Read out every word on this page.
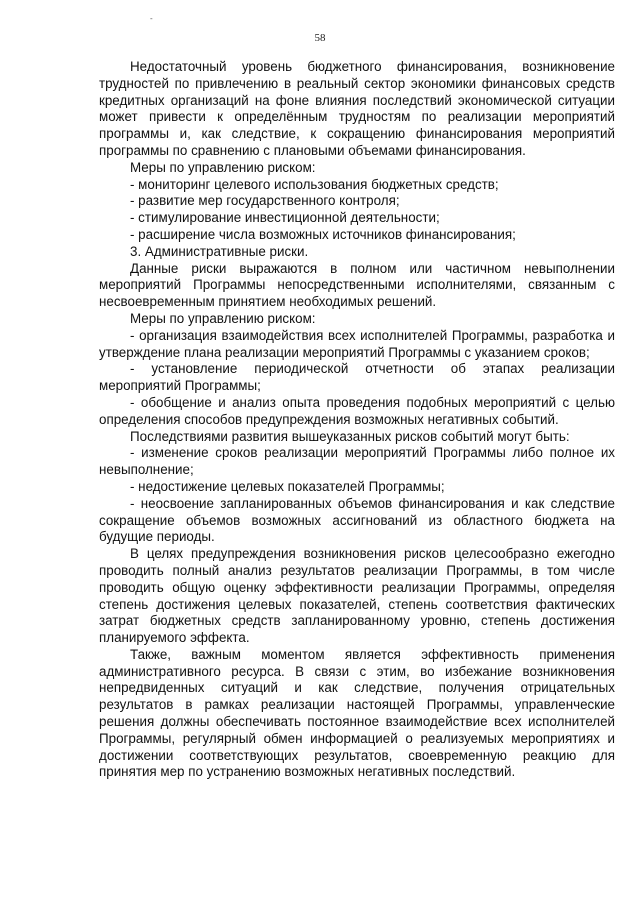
-
58

Недостаточный уровень бюджетного финансирования, возникновение трудностей по привлечению в реальный сектор экономики финансовых средств кредитных организаций на фоне влияния последствий экономической ситуации может привести к определённым трудностям по реализации мероприятий программы и, как следствие, к сокращению финансирования мероприятий программы по сравнению с плановыми объемами финансирования.

Меры по управлению риском:

- мониторинг целевого использования бюджетных средств;

- развитие мер государственного контроля;

- стимулирование инвестиционной деятельности;

- расширение числа возможных источников финансирования;

3. Административные риски.

Данные риски выражаются в полном или частичном невыполнении мероприятий Программы непосредственными исполнителями, связанным с несвоевременным принятием необходимых решений.

Меры по управлению риском:

- организация взаимодействия всех исполнителей Программы, разработка и утверждение плана реализации мероприятий Программы с указанием сроков;

- установление периодической отчетности об этапах реализации мероприятий Программы;

- обобщение и анализ опыта проведения подобных мероприятий с целью определения способов предупреждения возможных негативных событий.

Последствиями развития вышеуказанных рисков событий могут быть:

- изменение сроков реализации мероприятий Программы либо полное их невыполнение;

- недостижение целевых показателей Программы;

- неосвоение запланированных объемов финансирования и как следствие сокращение объемов возможных ассигнований из областного бюджета на будущие периоды.

В целях предупреждения возникновения рисков целесообразно ежегодно проводить полный анализ результатов реализации Программы, в том числе проводить общую оценку эффективности реализации Программы, определяя степень достижения целевых показателей, степень соответствия фактических затрат бюджетных средств запланированному уровню, степень достижения планируемого эффекта.

Также, важным моментом является эффективность применения административного ресурса. В связи с этим, во избежание возникновения непредвиденных ситуаций и как следствие, получения отрицательных результатов в рамках реализации настоящей Программы, управленческие решения должны обеспечивать постоянное взаимодействие всех исполнителей Программы, регулярный обмен информацией о реализуемых мероприятиях и достижении соответствующих результатов, своевременную реакцию для принятия мер по устранению возможных негативных последствий.
